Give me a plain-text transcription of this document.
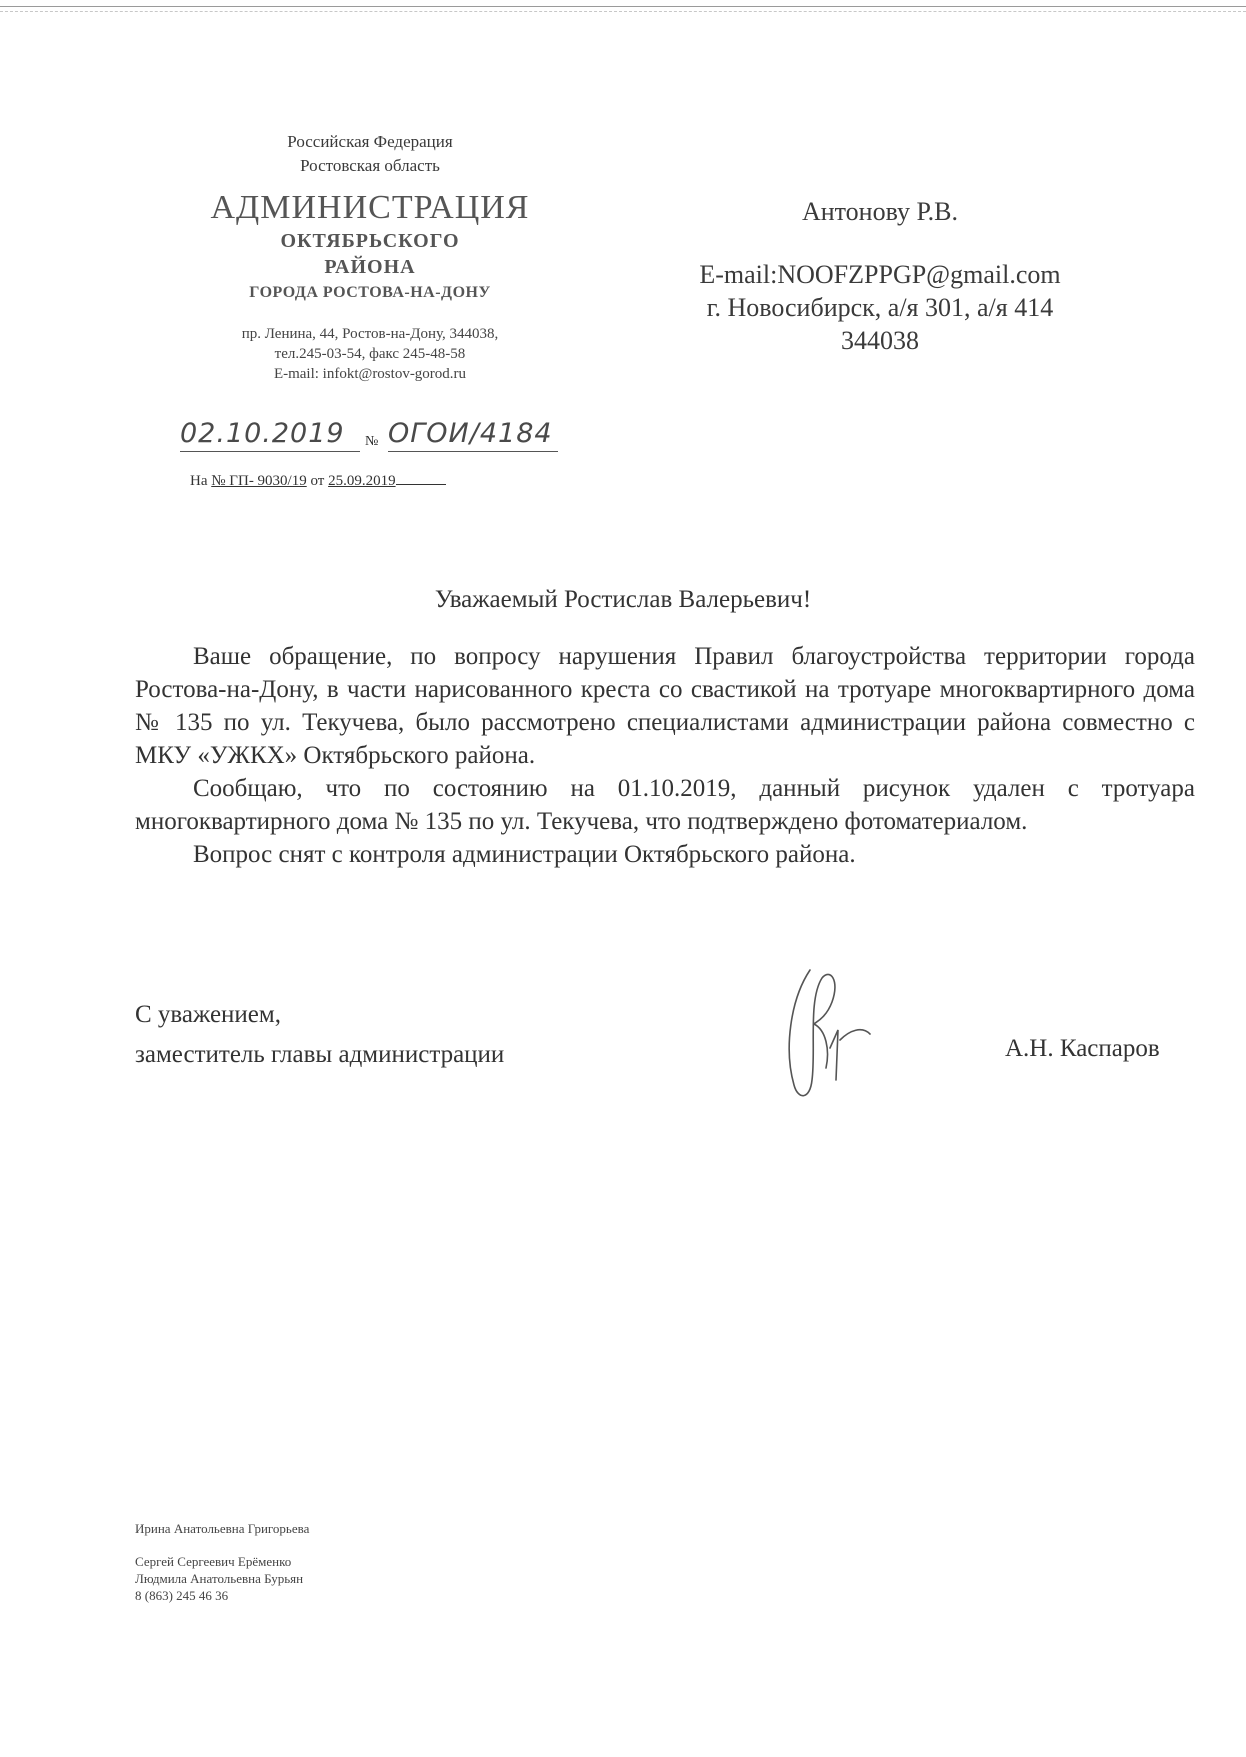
Российская Федерация
Ростовская область
АДМИНИСТРАЦИЯ
ОКТЯБРЬСКОГО
РАЙОНА
ГОРОДА РОСТОВА-НА-ДОНУ
пр. Ленина, 44, Ростов-на-Дону, 344038,
тел.245-03-54, факс 245-48-58
E-mail: infokt@rostov-gorod.ru
02.10.2019	№ ОГОИ/4184
На № ГП- 9030/19 от 25.09.2019
Антонову Р.В.
E-mail:NOOFZPPGP@gmail.com
г. Новосибирск, а/я 301, а/я 414
344038
Уважаемый Ростислав Валерьевич!

Ваше обращение, по вопросу нарушения Правил благоустройства территории города Ростова-на-Дону, в части нарисованного креста со свастикой на тротуаре многоквартирного дома № 135 по ул. Текучева, было рассмотрено специалистами администрации района совместно с МКУ «УЖКХ» Октябрьского района.

Сообщаю, что по состоянию на 01.10.2019, данный рисунок удален с тротуара многоквартирного дома № 135 по ул. Текучева, что подтверждено фотоматериалом.

Вопрос снят с контроля администрации Октябрьского района.

С уважением,
заместитель главы администрации	А.Н. Каспаров
Ирина Анатольевна Григорьева
Сергей Сергеевич Ерёменко
Людмила Анатольевна Бурьян
8 (863) 245 46 36
